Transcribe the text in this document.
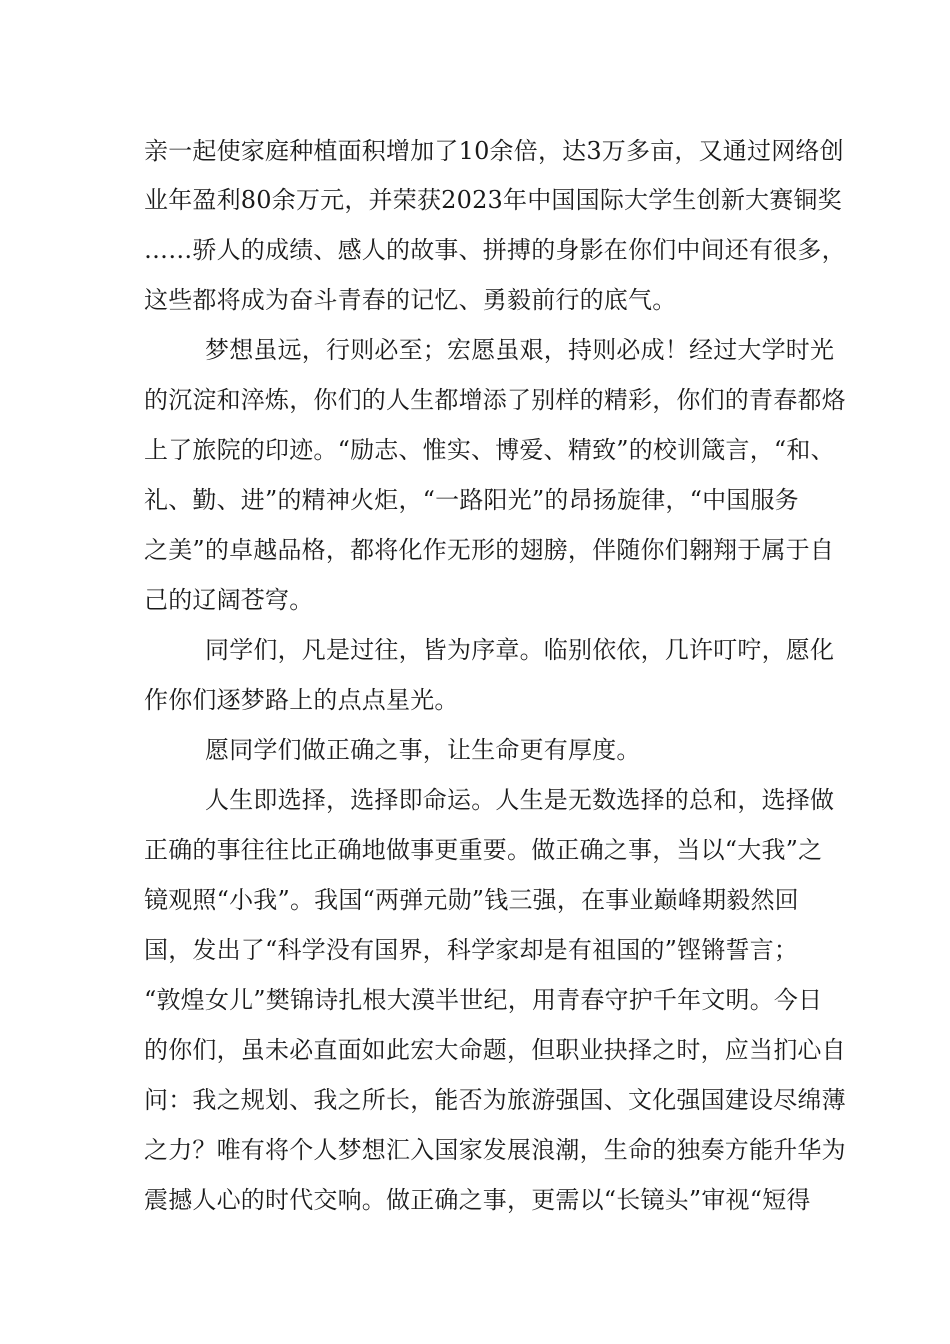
亲一起使家庭种植面积增加了10余倍，达3万多亩，又通过网络创
业年盈利80余万元，并荣获2023年中国国际大学生创新大赛铜奖
……骄人的成绩、感人的故事、拼搏的身影在你们中间还有很多，
这些都将成为奋斗青春的记忆、勇毅前行的底气。
梦想虽远，行则必至；宏愿虽艰，持则必成！经过大学时光
的沉淀和淬炼，你们的人生都增添了别样的精彩，你们的青春都烙
上了旅院的印迹。“励志、惟实、博爱、精致”的校训箴言，“和、
礼、勤、进”的精神火炬，“一路阳光”的昂扬旋律，“中国服务
之美”的卓越品格，都将化作无形的翅膀，伴随你们翱翔于属于自
己的辽阔苍穹。
同学们，凡是过往，皆为序章。临别依依，几许叮咛，愿化
作你们逐梦路上的点点星光。
愿同学们做正确之事，让生命更有厚度。
人生即选择，选择即命运。人生是无数选择的总和，选择做
正确的事往往比正确地做事更重要。做正确之事，当以“大我”之
镜观照“小我”。我国“两弹元勋”钱三强，在事业巅峰期毅然回
国，发出了“科学没有国界，科学家却是有祖国的”铿锵誓言；
“敦煌女儿”樊锦诗扎根大漠半世纪，用青春守护千年文明。今日
的你们，虽未必直面如此宏大命题，但职业抉择之时，应当扪心自
问：我之规划、我之所长，能否为旅游强国、文化强国建设尽绵薄
之力？唯有将个人梦想汇入国家发展浪潮，生命的独奏方能升华为
震撼人心的时代交响。做正确之事，更需以“长镜头”审视“短得
